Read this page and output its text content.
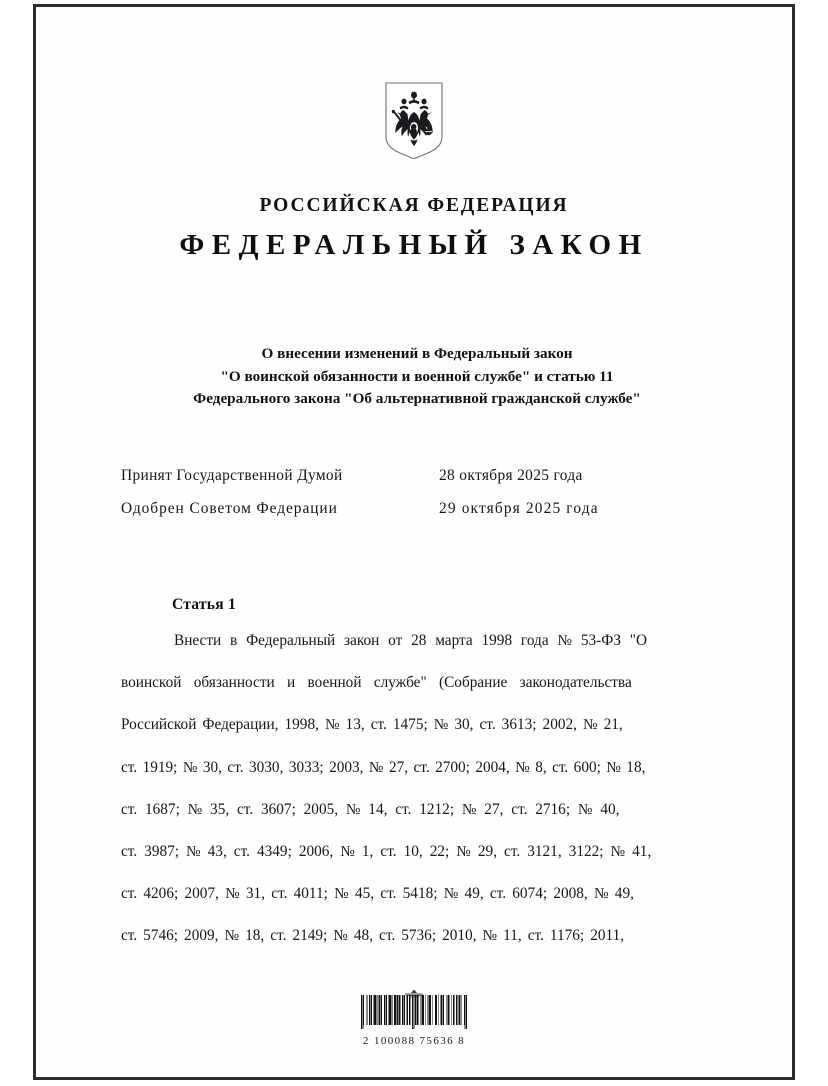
РОССИЙСКАЯ ФЕДЕРАЦИЯ
ФЕДЕРАЛЬНЫЙ ЗАКОН
О внесении изменений в Федеральный закон
"О воинской обязанности и военной службе" и статью 11
Федерального закона "Об альтернативной гражданской службе"
Принят Государственной Думой	28 октября 2025 года
Одобрен Советом Федерации	29 октября 2025 года
Статья 1
Внести в Федеральный закон от 28 марта 1998 года № 53-ФЗ "О
воинской обязанности и военной службе" (Собрание законодательства
Российской Федерации, 1998, № 13, ст. 1475; № 30, ст. 3613; 2002, № 21,
ст. 1919; № 30, ст. 3030, 3033; 2003, № 27, ст. 2700; 2004, № 8, ст. 600; № 18,
ст. 1687; № 35, ст. 3607; 2005, № 14, ст. 1212; № 27, ст. 2716; № 40,
ст. 3987; № 43, ст. 4349; 2006, № 1, ст. 10, 22; № 29, ст. 3121, 3122; № 41,
ст. 4206; 2007, № 31, ст. 4011; № 45, ст. 5418; № 49, ст. 6074; 2008, № 49,
ст. 5746; 2009, № 18, ст. 2149; № 48, ст. 5736; 2010, № 11, ст. 1176; 2011,
2 100088 75636 8
